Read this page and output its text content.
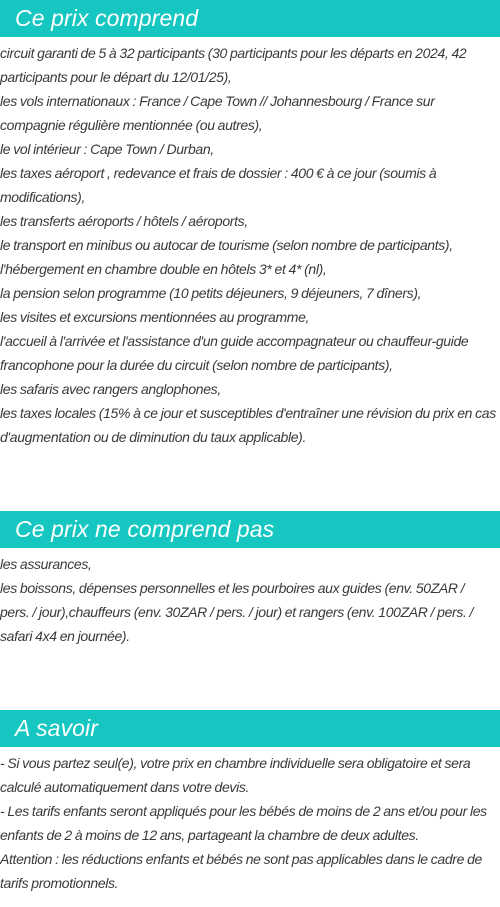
Ce prix comprend
circuit garanti de 5 à 32 participants (30 participants pour les départs en 2024, 42 participants pour le départ du 12/01/25),
les vols internationaux : France / Cape Town // Johannesbourg / France sur compagnie régulière mentionnée (ou autres),
le vol intérieur : Cape Town / Durban,
les taxes aéroport , redevance et frais de dossier : 400 € à ce jour (soumis à modifications),
les transferts aéroports / hôtels / aéroports,
le transport en minibus ou autocar de tourisme (selon nombre de participants),
l'hébergement en chambre double en hôtels 3* et 4* (nl),
la pension selon programme (10 petits déjeuners, 9 déjeuners, 7 dîners),
les visites et excursions mentionnées au programme,
l'accueil à l'arrivée et l'assistance d'un guide accompagnateur ou chauffeur-guide francophone pour la durée du circuit (selon nombre de participants),
les safaris avec rangers anglophones,
les taxes locales (15% à ce jour et susceptibles d'entraîner une révision du prix en cas d'augmentation ou de diminution du taux applicable).
Ce prix ne comprend pas
les assurances,
les boissons, dépenses personnelles et les pourboires aux guides (env. 50ZAR / pers. / jour),chauffeurs (env. 30ZAR / pers. / jour) et rangers (env. 100ZAR / pers. / safari 4x4 en journée).
A savoir
- Si vous partez seul(e), votre prix en chambre individuelle sera obligatoire et sera calculé automatiquement dans votre devis.
- Les tarifs enfants seront appliqués pour les bébés de moins de 2 ans et/ou pour les enfants de 2 à moins de 12 ans, partageant la chambre de deux adultes.
Attention : les réductions enfants et bébés ne sont pas applicables dans le cadre de tarifs promotionnels.
